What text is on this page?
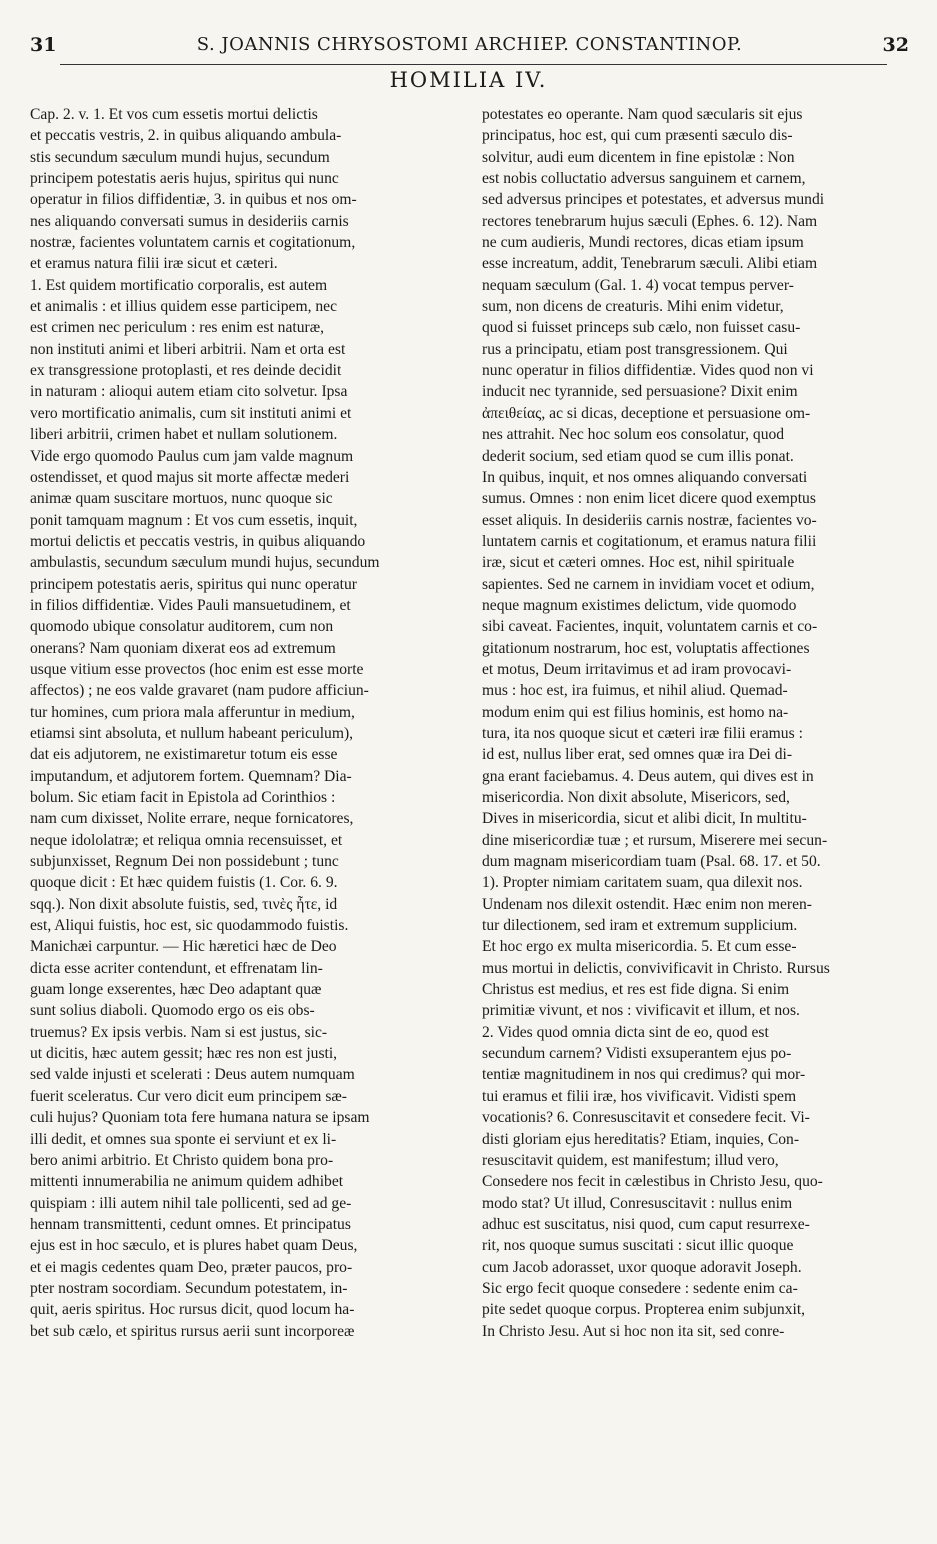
31	S. JOANNIS CHRYSOSTOMI ARCHIEP. CONSTANTINOP.	32
HOMILIA IV.
Cap. 2. v. 1. Et vos cum essetis mortui delictis
et peccatis vestris, 2. in quibus aliquando ambula-
stis secundum sæculum mundi hujus, secundum
principem potestatis aeris hujus, spiritus qui nunc
operatur in filios diffidentiæ, 3. in quibus et nos om-
nes aliquando conversati sumus in desideriis carnis
nostræ, facientes voluntatem carnis et cogitationum,
et eramus natura filii iræ sicut et cæteri.
1. Est quidem mortificatio corporalis, est autem
et animalis : et illius quidem esse participem, nec
est crimen nec periculum : res enim est naturæ,
non instituti animi et liberi arbitrii. Nam et orta est
ex transgressione protoplasti, et res deinde decidit
in naturam : alioqui autem etiam cito solvetur. Ipsa
vero mortificatio animalis, cum sit instituti animi et
liberi arbitrii, crimen habet et nullam solutionem.
Vide ergo quomodo Paulus cum jam valde magnum
ostendisset, et quod majus sit morte affectæ mederi
animæ quam suscitare mortuos, nunc quoque sic
ponit tamquam magnum : Et vos cum essetis, inquit,
mortui delictis et peccatis vestris, in quibus aliquando
ambulastis, secundum sæculum mundi hujus, secundum
principem potestatis aeris, spiritus qui nunc operatur
in filios diffidentiæ. Vides Pauli mansuetudinem, et
quomodo ubique consolatur auditorem, cum non
onerans? Nam quoniam dixerat eos ad extremum
usque vitium esse provectos (hoc enim est esse morte
affectos) ; ne eos valde gravaret (nam pudore afficiun-
tur homines, cum priora mala afferuntur in medium,
etiamsi sint absoluta, et nullum habeant periculum),
dat eis adjutorem, ne existimaretur totum eis esse
imputandum, et adjutorem fortem. Quemnam? Dia-
bolum. Sic etiam facit in Epistola ad Corinthios :
nam cum dixisset, Nolite errare, neque fornicatores,
neque idololatræ; et reliqua omnia recensuisset, et
subjunxisset, Regnum Dei non possidebunt ; tunc
quoque dicit : Et hæc quidem fuistis (1. Cor. 6. 9.
sqq.). Non dixit absolute fuistis, sed, τινὲς ἦτε, id
est, Aliqui fuistis, hoc est, sic quodammodo fuistis.
Manichæi carpuntur. — Hic hæretici hæc de Deo
dicta esse acriter contendunt, et effrenatam lin-
guam longe exserentes, hæc Deo adaptant quæ
sunt solius diaboli. Quomodo ergo os eis obs-
truemus? Ex ipsis verbis. Nam si est justus, sic-
ut dicitis, hæc autem gessit; hæc res non est justi,
sed valde injusti et scelerati : Deus autem numquam
fuerit sceleratus. Cur vero dicit eum principem sæ-
culi hujus? Quoniam tota fere humana natura se ipsam
illi dedit, et omnes sua sponte ei serviunt et ex li-
bero animi arbitrio. Et Christo quidem bona pro-
mittenti innumerabilia ne animum quidem adhibet
quispiam : illi autem nihil tale pollicenti, sed ad ge-
hennam transmittenti, cedunt omnes. Et principatus
ejus est in hoc sæculo, et is plures habet quam Deus,
et ei magis cedentes quam Deo, præter paucos, pro-
pter nostram socordiam. Secundum potestatem, in-
quit, aeris spiritus. Hoc rursus dicit, quod locum ha-
bet sub cælo, et spiritus rursus aerii sunt incorporeæ
potestates eo operante. Nam quod sæcularis sit ejus
principatus, hoc est, qui cum præsenti sæculo dis-
solvitur, audi eum dicentem in fine epistolæ : Non
est nobis colluctatio adversus sanguinem et carnem,
sed adversus principes et potestates, et adversus mundi
rectores tenebrarum hujus sæculi (Ephes. 6. 12). Nam
ne cum audieris, Mundi rectores, dicas etiam ipsum
esse increatum, addit, Tenebrarum sæculi. Alibi etiam
nequam sæculum (Gal. 1. 4) vocat tempus perver-
sum, non dicens de creaturis. Mihi enim videtur,
quod si fuisset princeps sub cælo, non fuisset casu-
rus a principatu, etiam post transgressionem. Qui
nunc operatur in filios diffidentiæ. Vides quod non vi
inducit nec tyrannide, sed persuasione? Dixit enim
ἀπειθείας, ac si dicas, deceptione et persuasione om-
nes attrahit. Nec hoc solum eos consolatur, quod
dederit socium, sed etiam quod se cum illis ponat.
In quibus, inquit, et nos omnes aliquando conversati
sumus. Omnes : non enim licet dicere quod exemptus
esset aliquis. In desideriis carnis nostræ, facientes vo-
luntatem carnis et cogitationum, et eramus natura filii
iræ, sicut et cæteri omnes. Hoc est, nihil spirituale
sapientes. Sed ne carnem in invidiam vocet et odium,
neque magnum existimes delictum, vide quomodo
sibi caveat. Facientes, inquit, voluntatem carnis et co-
gitationum nostrarum, hoc est, voluptatis affectiones
et motus, Deum irritavimus et ad iram provocavi-
mus : hoc est, ira fuimus, et nihil aliud. Quemad-
modum enim qui est filius hominis, est homo na-
tura, ita nos quoque sicut et cæteri iræ filii eramus :
id est, nullus liber erat, sed omnes quæ ira Dei di-
gna erant faciebamus. 4. Deus autem, qui dives est in
misericordia. Non dixit absolute, Misericors, sed,
Dives in misericordia, sicut et alibi dicit, In multitu-
dine misericordiæ tuæ ; et rursum, Miserere mei secun-
dum magnam misericordiam tuam (Psal. 68. 17. et 50.
1). Propter nimiam caritatem suam, qua dilexit nos.
Undenam nos dilexit ostendit. Hæc enim non meren-
tur dilectionem, sed iram et extremum supplicium.
Et hoc ergo ex multa misericordia. 5. Et cum esse-
mus mortui in delictis, convivificavit in Christo. Rursus
Christus est medius, et res est fide digna. Si enim
primitiæ vivunt, et nos : vivificavit et illum, et nos.
2. Vides quod omnia dicta sint de eo, quod est
secundum carnem? Vidisti exsuperantem ejus po-
tentiæ magnitudinem in nos qui credimus? qui mor-
tui eramus et filii iræ, hos vivificavit. Vidisti spem
vocationis? 6. Conresuscitavit et consedere fecit. Vi-
disti gloriam ejus hereditatis? Etiam, inquies, Con-
resuscitavit quidem, est manifestum; illud vero,
Consedere nos fecit in cælestibus in Christo Jesu, quo-
modo stat? Ut illud, Conresuscitavit : nullus enim
adhuc est suscitatus, nisi quod, cum caput resurrexe-
rit, nos quoque sumus suscitati : sicut illic quoque
cum Jacob adorasset, uxor quoque adoravit Joseph.
Sic ergo fecit quoque consedere : sedente enim ca-
pite sedet quoque corpus. Propterea enim subjunxit,
In Christo Jesu. Aut si hoc non ita sit, sed conre-
